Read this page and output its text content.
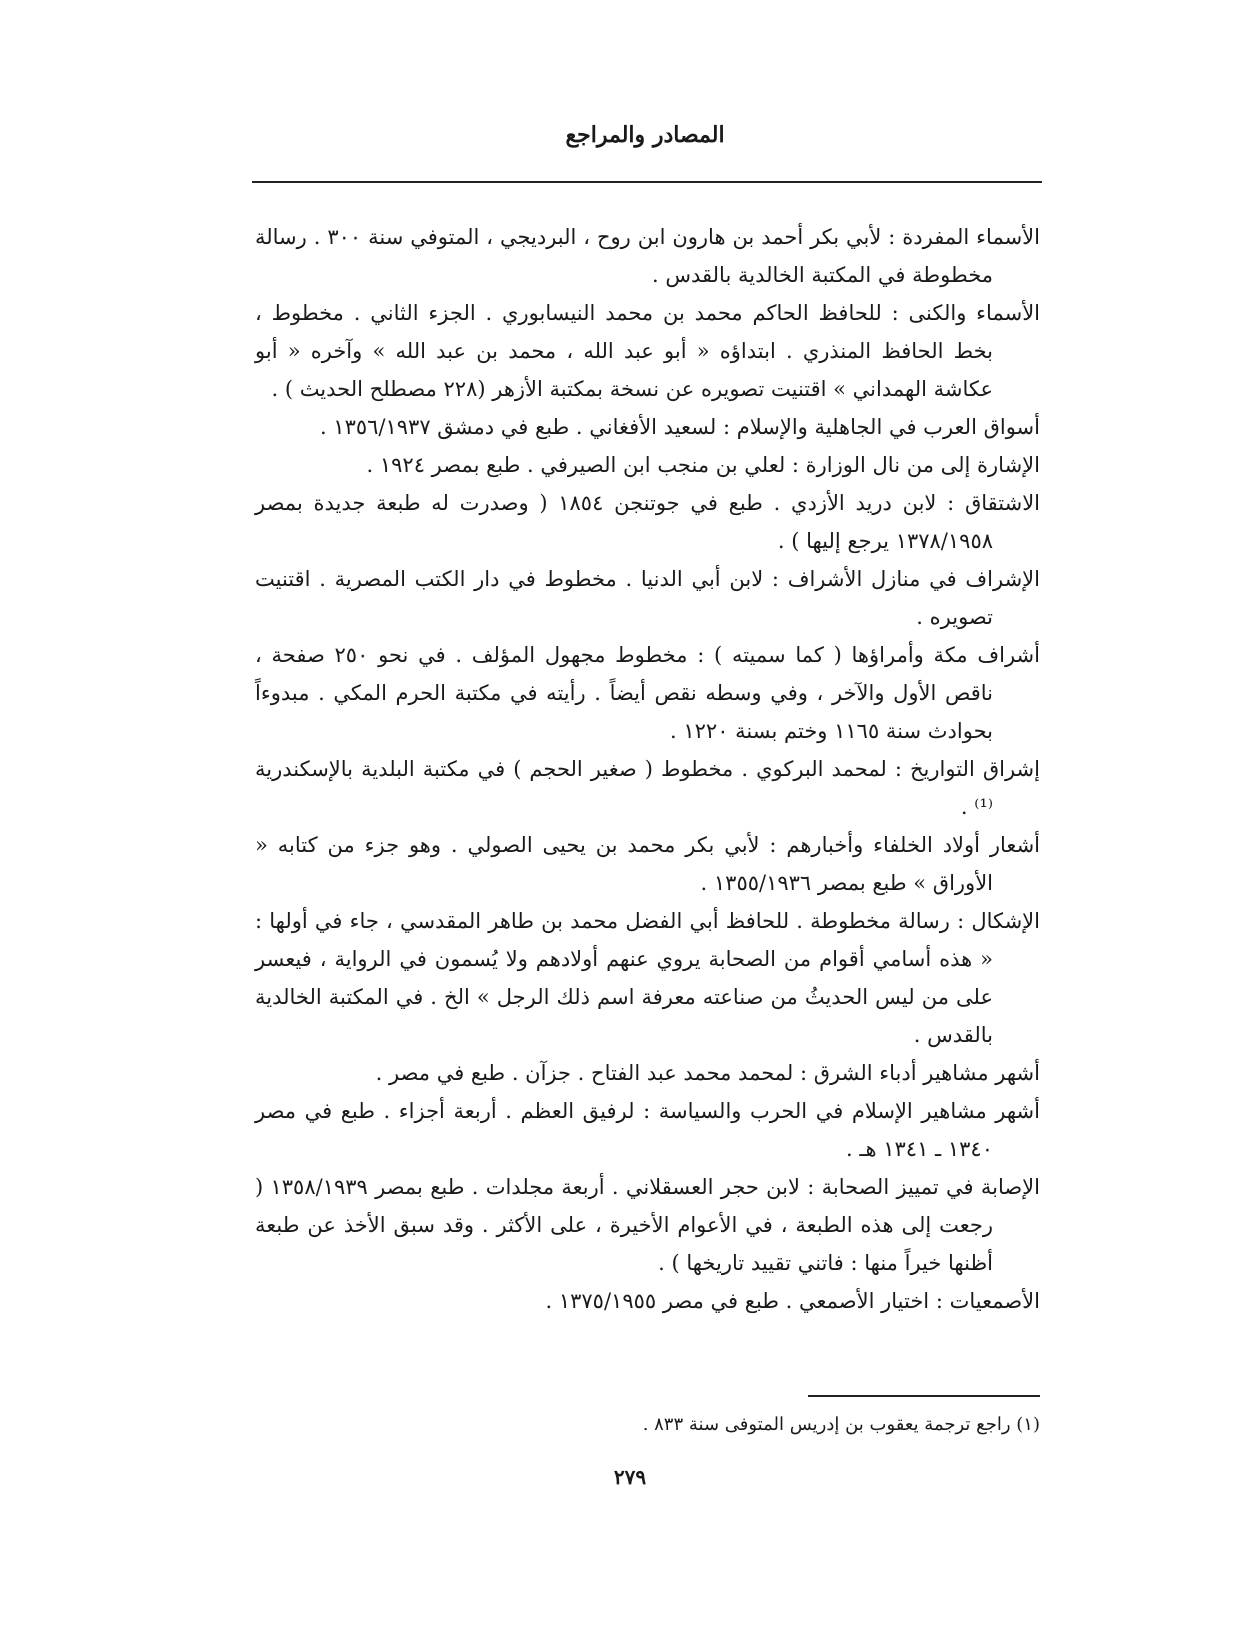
المصادر والمراجع

الأسماء المفردة : لأبي بكر أحمد بن هارون ابن روح ، البرديجي ، المتوفي سنة ٣٠٠ . رسالة مخطوطة في المكتبة الخالدية بالقدس .

الأسماء والكنى : للحافظ الحاكم محمد بن محمد النيسابوري . الجزء الثاني . مخطوط ، بخط الحافظ المنذري . ابتداؤه « أبو عبد الله ، محمد بن عبد الله » وآخره « أبو عكاشة الهمداني » اقتنيت تصويره عن نسخة بمكتبة الأزهر (٢٢٨ مصطلح الحديث ) .

أسواق العرب في الجاهلية والإسلام : لسعيد الأفغاني . طبع في دمشق ١٣٥٦/١٩٣٧ .

الإشارة إلى من نال الوزارة : لعلي بن منجب ابن الصيرفي . طبع بمصر ١٩٢٤ .

الاشتقاق : لابن دريد الأزدي . طبع في جوتنجن ١٨٥٤ ( وصدرت له طبعة جديدة بمصر ١٣٧٨/١٩٥٨ يرجع إليها ) .

الإشراف في منازل الأشراف : لابن أبي الدنيا . مخطوط في دار الكتب المصرية . اقتنيت تصويره .

أشراف مكة وأمراؤها ( كما سميته ) : مخطوط مجهول المؤلف . في نحو ٢٥٠ صفحة ، ناقص الأول والآخر ، وفي وسطه نقص أيضاً . رأيته في مكتبة الحرم المكي . مبدوءاً بحوادث سنة ١١٦٥ وختم بسنة ١٢٢٠ .

إشراق التواريخ : لمحمد البركوي . مخطوط ( صغير الحجم ) في مكتبة البلدية بالإسكندرية ⁽¹⁾ .

أشعار أولاد الخلفاء وأخبارهم : لأبي بكر محمد بن يحيى الصولي . وهو جزء من كتابه « الأوراق » طبع بمصر ١٣٥٥/١٩٣٦ .

الإشكال : رسالة مخطوطة . للحافظ أبي الفضل محمد بن طاهر المقدسي ، جاء في أولها : « هذه أسامي أقوام من الصحابة يروي عنهم أولادهم ولا يُسمون في الرواية ، فيعسر على من ليس الحديثُ من صناعته معرفة اسم ذلك الرجل » الخ . في المكتبة الخالدية بالقدس .

أشهر مشاهير أدباء الشرق : لمحمد محمد عبد الفتاح . جزآن . طبع في مصر .

أشهر مشاهير الإسلام في الحرب والسياسة : لرفيق العظم . أربعة أجزاء . طبع في مصر ١٣٤٠ ـ ١٣٤١ هـ .

الإصابة في تمييز الصحابة : لابن حجر العسقلاني . أربعة مجلدات . طبع بمصر ١٣٥٨/١٩٣٩ ( رجعت إلى هذه الطبعة ، في الأعوام الأخيرة ، على الأكثر . وقد سبق الأخذ عن طبعة أظنها خيراً منها : فاتني تقييد تاريخها ) .

الأصمعيات : اختيار الأصمعي . طبع في مصر ١٣٧٥/١٩٥٥ .

(١) راجع ترجمة يعقوب بن إدريس المتوفى سنة ٨٣٣ .
٢٧٩
